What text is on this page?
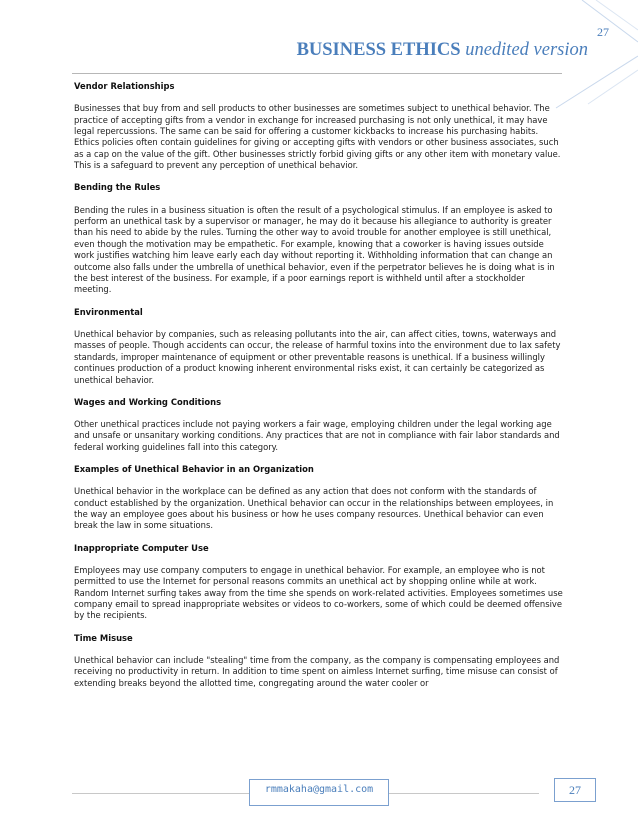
27
BUSINESS ETHICS unedited version
Vendor Relationships
Businesses that buy from and sell products to other businesses are sometimes subject to unethical behavior. The practice of accepting gifts from a vendor in exchange for increased purchasing is not only unethical, it may have legal repercussions. The same can be said for offering a customer kickbacks to increase his purchasing habits. Ethics policies often contain guidelines for giving or accepting gifts with vendors or other business associates, such as a cap on the value of the gift. Other businesses strictly forbid giving gifts or any other item with monetary value. This is a safeguard to prevent any perception of unethical behavior.
Bending the Rules
Bending the rules in a business situation is often the result of a psychological stimulus. If an employee is asked to perform an unethical task by a supervisor or manager, he may do it because his allegiance to authority is greater than his need to abide by the rules. Turning the other way to avoid trouble for another employee is still unethical, even though the motivation may be empathetic. For example, knowing that a coworker is having issues outside work justifies watching him leave early each day without reporting it. Withholding information that can change an outcome also falls under the umbrella of unethical behavior, even if the perpetrator believes he is doing what is in the best interest of the business. For example, if a poor earnings report is withheld until after a stockholder meeting.
Environmental
Unethical behavior by companies, such as releasing pollutants into the air, can affect cities, towns, waterways and masses of people. Though accidents can occur, the release of harmful toxins into the environment due to lax safety standards, improper maintenance of equipment or other preventable reasons is unethical. If a business willingly continues production of a product knowing inherent environmental risks exist, it can certainly be categorized as unethical behavior.
Wages and Working Conditions
Other unethical practices include not paying workers a fair wage, employing children under the legal working age and unsafe or unsanitary working conditions. Any practices that are not in compliance with fair labor standards and federal working guidelines fall into this category.
Examples of Unethical Behavior in an Organization
Unethical behavior in the workplace can be defined as any action that does not conform with the standards of conduct established by the organization. Unethical behavior can occur in the relationships between employees, in the way an employee goes about his business or how he uses company resources. Unethical behavior can even break the law in some situations.
Inappropriate Computer Use
Employees may use company computers to engage in unethical behavior. For example, an employee who is not permitted to use the Internet for personal reasons commits an unethical act by shopping online while at work. Random Internet surfing takes away from the time she spends on work-related activities. Employees sometimes use company email to spread inappropriate websites or videos to co-workers, some of which could be deemed offensive by the recipients.
Time Misuse
Unethical behavior can include "stealing" time from the company, as the company is compensating employees and receiving no productivity in return. In addition to time spent on aimless Internet surfing, time misuse can consist of extending breaks beyond the allotted time, congregating around the water cooler or
rmmakaha@gmail.com	27
